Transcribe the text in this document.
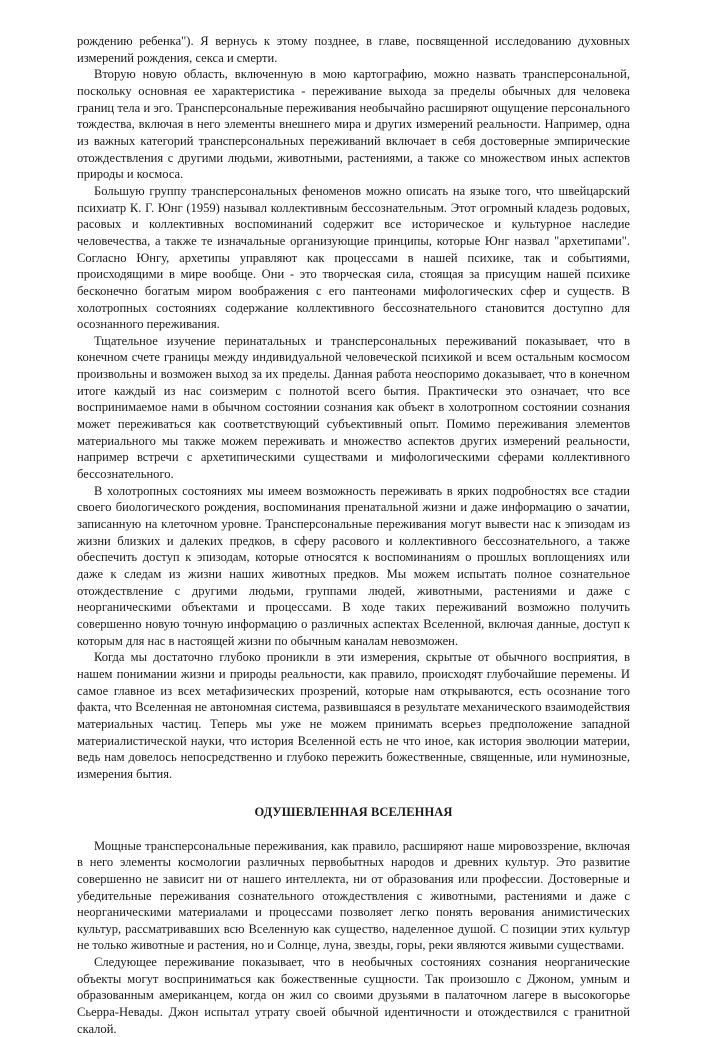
рождению ребенка"). Я вернусь к этому позднее, в главе, посвященной исследованию духовных измерений рождения, секса и смерти.

Вторую новую область, включенную в мою картографию, можно назвать трансперсональной, поскольку основная ее характеристика - переживание выхода за пределы обычных для человека границ тела и эго. Трансперсональные переживания необычайно расширяют ощущение персонального тождества, включая в него элементы внешнего мира и других измерений реальности. Например, одна из важных категорий трансперсональных переживаний включает в себя достоверные эмпирические отождествления с другими людьми, животными, растениями, а также со множеством иных аспектов природы и космоса.

Большую группу трансперсональных феноменов можно описать на языке того, что швейцарский психиатр К. Г. Юнг (1959) называл коллективным бессознательным. Этот огромный кладезь родовых, расовых и коллективных воспоминаний содержит все историческое и культурное наследие человечества, а также те изначальные организующие принципы, которые Юнг назвал "архетипами". Согласно Юнгу, архетипы управляют как процессами в нашей психике, так и событиями, происходящими в мире вообще. Они - это творческая сила, стоящая за присущим нашей психике бесконечно богатым миром воображения с его пантеонами мифологических сфер и существ. В холотропных состояниях содержание коллективного бессознательного становится доступно для осознанного переживания.

Тщательное изучение перинатальных и трансперсональных переживаний показывает, что в конечном счете границы между индивидуальной человеческой психикой и всем остальным космосом произвольны и возможен выход за их пределы. Данная работа неоспоримо доказывает, что в конечном итоге каждый из нас соизмерим с полнотой всего бытия. Практически это означает, что все воспринимаемое нами в обычном состоянии сознания как объект в холотропном состоянии сознания может переживаться как соответствующий субъективный опыт. Помимо переживания элементов материального мы также можем переживать и множество аспектов других измерений реальности, например встречи с архетипическими существами и мифологическими сферами коллективного бессознательного.

В холотропных состояниях мы имеем возможность переживать в ярких подробностях все стадии своего биологического рождения, воспоминания пренатальной жизни и даже информацию о зачатии, записанную на клеточном уровне. Трансперсональные переживания могут вывести нас к эпизодам из жизни близких и далеких предков, в сферу расового и коллективного бессознательного, а также обеспечить доступ к эпизодам, которые относятся к воспоминаниям о прошлых воплощениях или даже к следам из жизни наших животных предков. Мы можем испытать полное сознательное отождествление с другими людьми, группами людей, животными, растениями и даже с неорганическими объектами и процессами. В ходе таких переживаний возможно получить совершенно новую точную информацию о различных аспектах Вселенной, включая данные, доступ к которым для нас в настоящей жизни по обычным каналам невозможен.

Когда мы достаточно глубоко проникли в эти измерения, скрытые от обычного восприятия, в нашем понимании жизни и природы реальности, как правило, происходят глубочайшие перемены. И самое главное из всех метафизических прозрений, которые нам открываются, есть осознание того факта, что Вселенная не автономная система, развившаяся в результате механического взаимодействия материальных частиц. Теперь мы уже не можем принимать всерьез предположение западной материалистической науки, что история Вселенной есть не что иное, как история эволюции материи, ведь нам довелось непосредственно и глубоко пережить божественные, священные, или нуминозные, измерения бытия.

ОДУШЕВЛЕННАЯ ВСЕЛЕННАЯ

Мощные трансперсональные переживания, как правило, расширяют наше мировоззрение, включая в него элементы космологии различных первобытных народов и древних культур. Это развитие совершенно не зависит ни от нашего интеллекта, ни от образования или профессии. Достоверные и убедительные переживания сознательного отождествления с животными, растениями и даже с неорганическими материалами и процессами позволяет легко понять верования анимистических культур, рассматривавших всю Вселенную как существо, наделенное душой. С позиции этих культур не только животные и растения, но и Солнце, луна, звезды, горы, реки являются живыми существами.

Следующее переживание показывает, что в необычных состояниях сознания неорганические объекты могут восприниматься как божественные сущности. Так произошло с Джоном, умным и образованным американцем, когда он жил со своими друзьями в палаточном лагере в высокогорье Сьерра-Невады. Джон испытал утрату своей обычной идентичности и отождествился с гранитной скалой.
